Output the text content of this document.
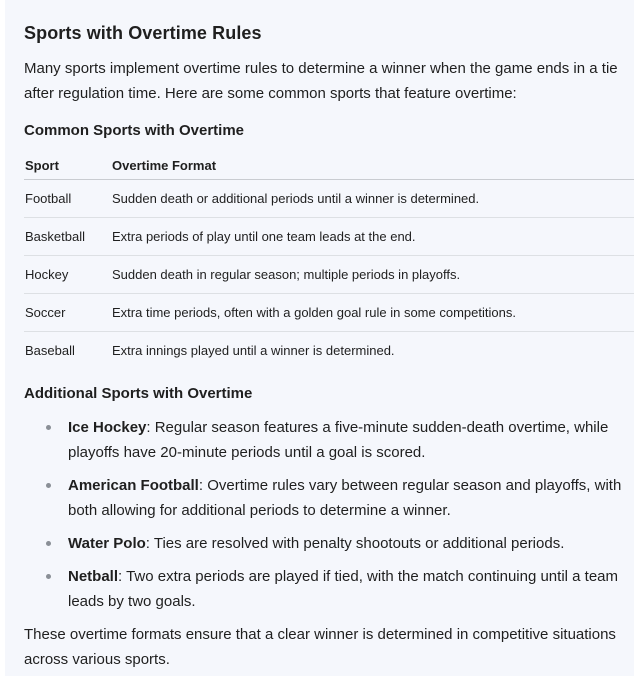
Sports with Overtime Rules

Many sports implement overtime rules to determine a winner when the game ends in a tie after regulation time. Here are some common sports that feature overtime:

Common Sports with Overtime
Sport	Overtime Format
Football	Sudden death or additional periods until a winner is determined.
Basketball	Extra periods of play until one team leads at the end.
Hockey	Sudden death in regular season; multiple periods in playoffs.
Soccer	Extra time periods, often with a golden goal rule in some competitions.
Baseball	Extra innings played until a winner is determined.
Additional Sports with Overtime
Ice Hockey: Regular season features a five-minute sudden-death overtime, while playoffs have 20-minute periods until a goal is scored.
American Football: Overtime rules vary between regular season and playoffs, with both allowing for additional periods to determine a winner.
Water Polo: Ties are resolved with penalty shootouts or additional periods.
Netball: Two extra periods are played if tied, with the match continuing until a team leads by two goals.

These overtime formats ensure that a clear winner is determined in competitive situations across various sports.
